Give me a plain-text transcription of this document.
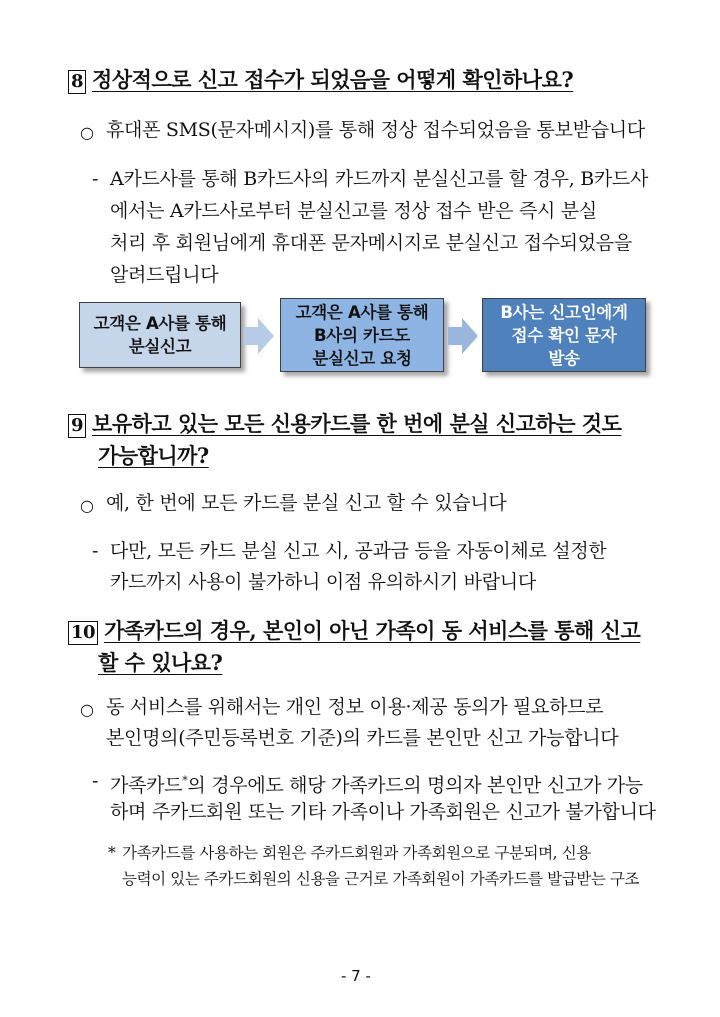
8 정상적으로 신고 접수가 되었음을 어떻게 확인하나요?
○ 휴대폰 SMS(문자메시지)를 통해 정상 접수되었음을 통보받습니다
- A카드사를 통해 B카드사의 카드까지 분실신고를 할 경우, B카드사
에서는 A카드사로부터 분실신고를 정상 접수 받은 즉시 분실
처리 후 회원님에게 휴대폰 문자메시지로 분실신고 접수되었음을
알려드립니다
고객은 A사를 통해
분실신고
고객은 A사를 통해
B사의 카드도
분실신고 요청
B사는 신고인에게
접수 확인 문자
발송
9 보유하고 있는 모든 신용카드를 한 번에 분실 신고하는 것도
가능합니까?
○ 예, 한 번에 모든 카드를 분실 신고 할 수 있습니다
- 다만, 모든 카드 분실 신고 시, 공과금 등을 자동이체로 설정한
카드까지 사용이 불가하니 이점 유의하시기 바랍니다
10 가족카드의 경우, 본인이 아닌 가족이 동 서비스를 통해 신고
할 수 있나요?
○ 동 서비스를 위해서는 개인 정보 이용·제공 동의가 필요하므로
본인명의(주민등록번호 기준)의 카드를 본인만 신고 가능합니다
- 가족카드*의 경우에도 해당 가족카드의 명의자 본인만 신고가 가능
하며 주카드회원 또는 기타 가족이나 가족회원은 신고가 불가합니다
* 가족카드를 사용하는 회원은 주카드회원과 가족회원으로 구분되며, 신용
능력이 있는 주카드회원의 신용을 근거로 가족회원이 가족카드를 발급받는 구조
- 7 -
